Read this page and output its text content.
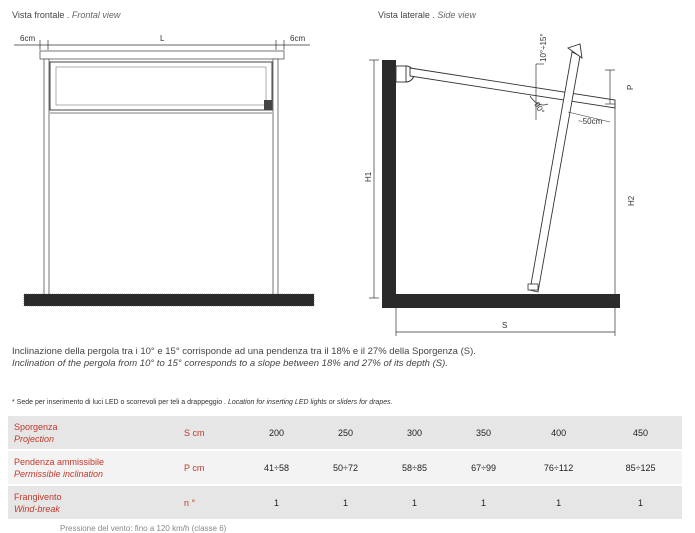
Vista frontale . Frontal view
6cm	L	6cm
Vista laterale . Side view
H1
10°÷15°
P
90°
~50cm
H2
S
Inclinazione della pergola tra i 10° e 15° corrisponde ad una pendenza tra il 18% e il 27% della Sporgenza (S).
Inclination of the pergola from 10° to 15° corresponds to a slope between 18% and 27% of its depth (S).
* Sede per inserimento di luci LED o scorrevoli per teli a drappeggio . Location for inserting LED lights or sliders for drapes.
Sporgenza
Projection	S cm	200	250	300	350	400	450

Pendenza ammissibile
Permissible inclination	P cm	41÷58	50÷72	58÷85	67÷99	76÷112	85÷125

Frangivento
Wind-break	n °	1	1	1	1	1	1
Pressione del vento: fino a 120 km/h (classe 6)
